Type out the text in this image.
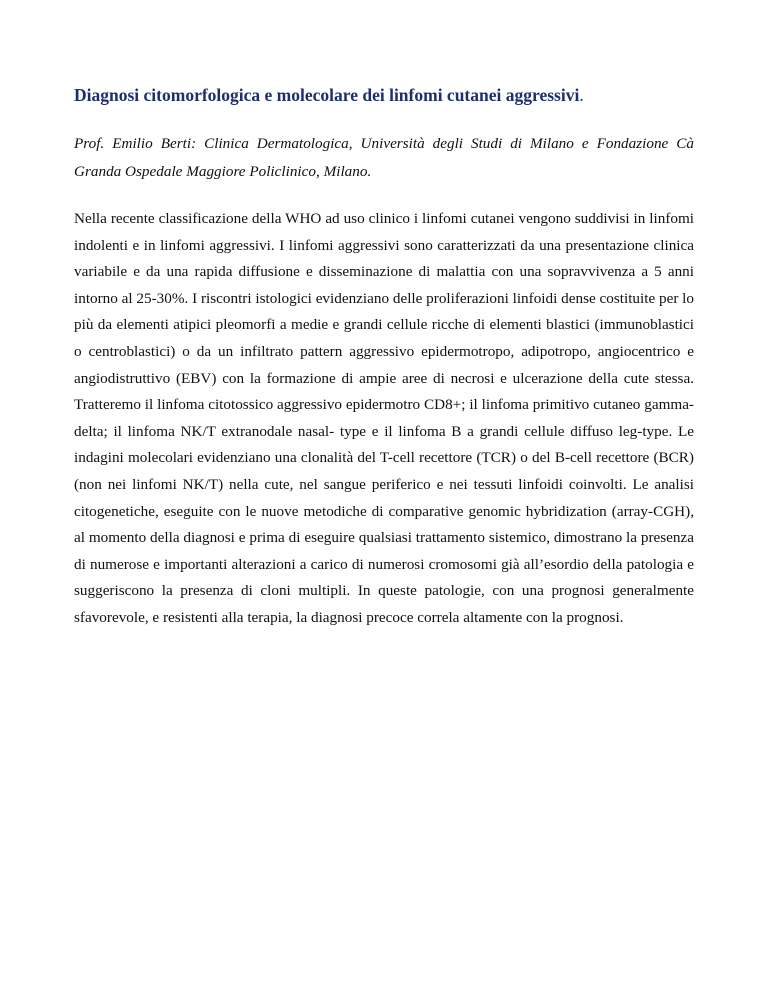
Diagnosi citomorfologica e molecolare dei linfomi cutanei aggressivi.

Prof. Emilio Berti: Clinica Dermatologica, Università degli Studi di Milano e Fondazione Cà Granda Ospedale Maggiore Policlinico, Milano.

Nella recente classificazione della WHO ad uso clinico i linfomi cutanei vengono suddivisi in linfomi indolenti e in linfomi aggressivi. I linfomi aggressivi sono caratterizzati da una presentazione clinica variabile e da una rapida diffusione e disseminazione di malattia con una sopravvivenza a 5 anni intorno al 25-30%. I riscontri istologici evidenziano delle proliferazioni linfoidi dense costituite per lo più da elementi atipici pleomorfi a medie e grandi cellule ricche di elementi blastici (immunoblastici o centroblastici) o da un infiltrato pattern aggressivo epidermotropo, adipotropo, angiocentrico e angiodistruttivo (EBV) con la formazione di ampie aree di necrosi e ulcerazione della cute stessa. Tratteremo il linfoma citotossico aggressivo epidermotro CD8+; il linfoma primitivo cutaneo gamma-delta; il linfoma NK/T extranodale nasal- type e il linfoma B a grandi cellule diffuso leg-type. Le indagini molecolari evidenziano una clonalità del T-cell recettore (TCR) o del B-cell recettore (BCR) (non nei linfomi NK/T) nella cute, nel sangue periferico e nei tessuti linfoidi coinvolti. Le analisi citogenetiche, eseguite con le nuove metodiche di comparative genomic hybridization (array-CGH), al momento della diagnosi e prima di eseguire qualsiasi trattamento sistemico, dimostrano la presenza di numerose e importanti alterazioni a carico di numerosi cromosomi già all’esordio della patologia e suggeriscono la presenza di cloni multipli. In queste patologie, con una prognosi generalmente sfavorevole, e resistenti alla terapia, la diagnosi precoce correla altamente con la prognosi.
